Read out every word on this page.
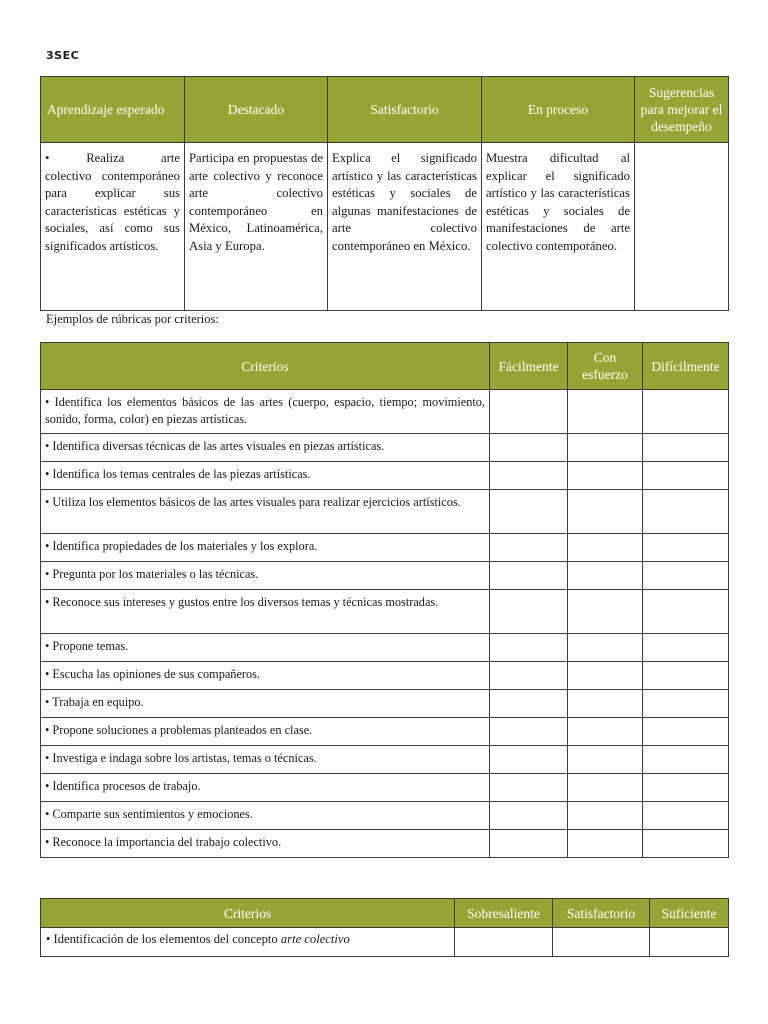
3SEC
Aprendizaje esperado	Destacado	Satisfactorio	En proceso	Sugerencias para mejorar el desempeño
•     Realiza     arte colectivo contemporáneo para explicar sus características estéticas y sociales, así como sus significados artísticos.	Participa en propuestas de arte colectivo y reconoce arte colectivo contemporáneo en México, Latinoamérica, Asia y Europa.	Explica el significado artístico y las características estéticas y sociales de algunas manifestaciones de arte colectivo contemporáneo en México.	Muestra dificultad al explicar el significado artístico y las características estéticas y sociales de manifestaciones de arte colectivo contemporáneo.	
Ejemplos de rúbricas por criterios:
Criterios	Fácilmente	Con esfuerzo	Difícilmente
• Identifica los elementos básicos de las artes (cuerpo, espacio, tiempo; movimiento, sonido, forma, color) en piezas artísticas.			
• Identifica diversas técnicas de las artes visuales en piezas artísticas.			
• Identifica los temas centrales de las piezas artísticas.			
• Utiliza los elementos básicos de las artes visuales para realizar ejercicios artísticos.			
• Identifica propiedades de los materiales y los explora.			
• Pregunta por los materiales o las técnicas.			
• Reconoce sus intereses y gustos entre los diversos temas y técnicas mostradas.			
• Propone temas.			
• Escucha las opiniones de sus compañeros.			
• Trabaja en equipo.			
• Propone soluciones a problemas planteados en clase.			
• Investiga e indaga sobre los artistas, temas o técnicas.			
• Identifica procesos de trabajo.			
• Comparte sus sentimientos y emociones.			
• Reconoce la importancia del trabajo colectivo.			
Criterios	Sobresaliente	Satisfactorio	Suficiente
• Identificación de los elementos del concepto arte colectivo			
